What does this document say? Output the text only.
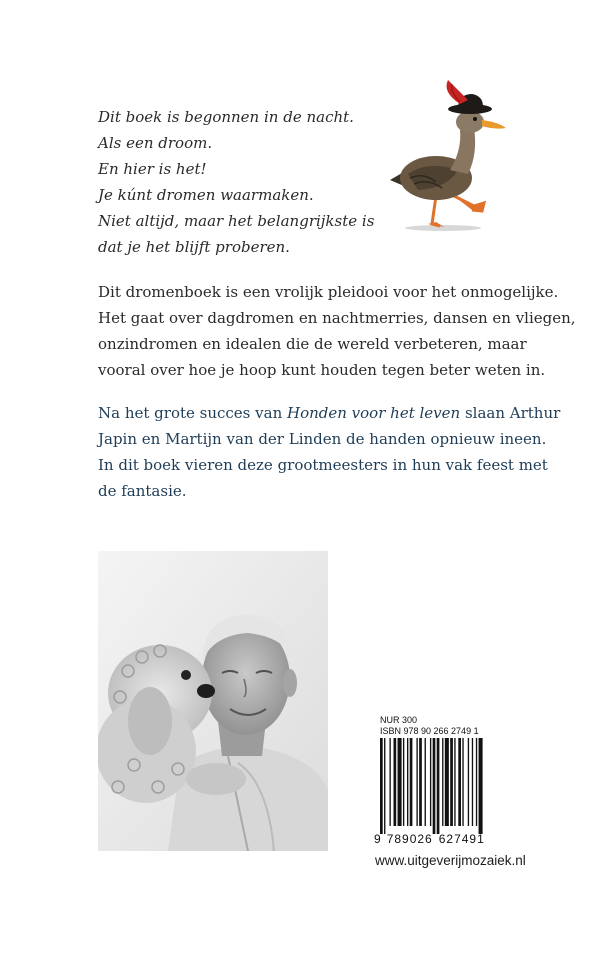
Dit boek is begonnen in de nacht.
Als een droom.
En hier is het!
Je kúnt dromen waarmaken.
Niet altijd, maar het belangrijkste is
dat je het blijft proberen.
Dit dromenboek is een vrolijk pleidooi voor het onmogelijke.
Het gaat over dagdromen en nachtmerries, dansen en vliegen,
onzindromen en idealen die de wereld verbeteren, maar
vooral over hoe je hoop kunt houden tegen beter weten in.
Na het grote succes van Honden voor het leven slaan Arthur
Japin en Martijn van der Linden de handen opnieuw ineen.
In dit boek vieren deze grootmeesters in hun vak feest met
de fantasie.
NUR 300
ISBN 978 90 266 2749 1
9 789026 627491
www.uitgeverijmozaiek.nl
